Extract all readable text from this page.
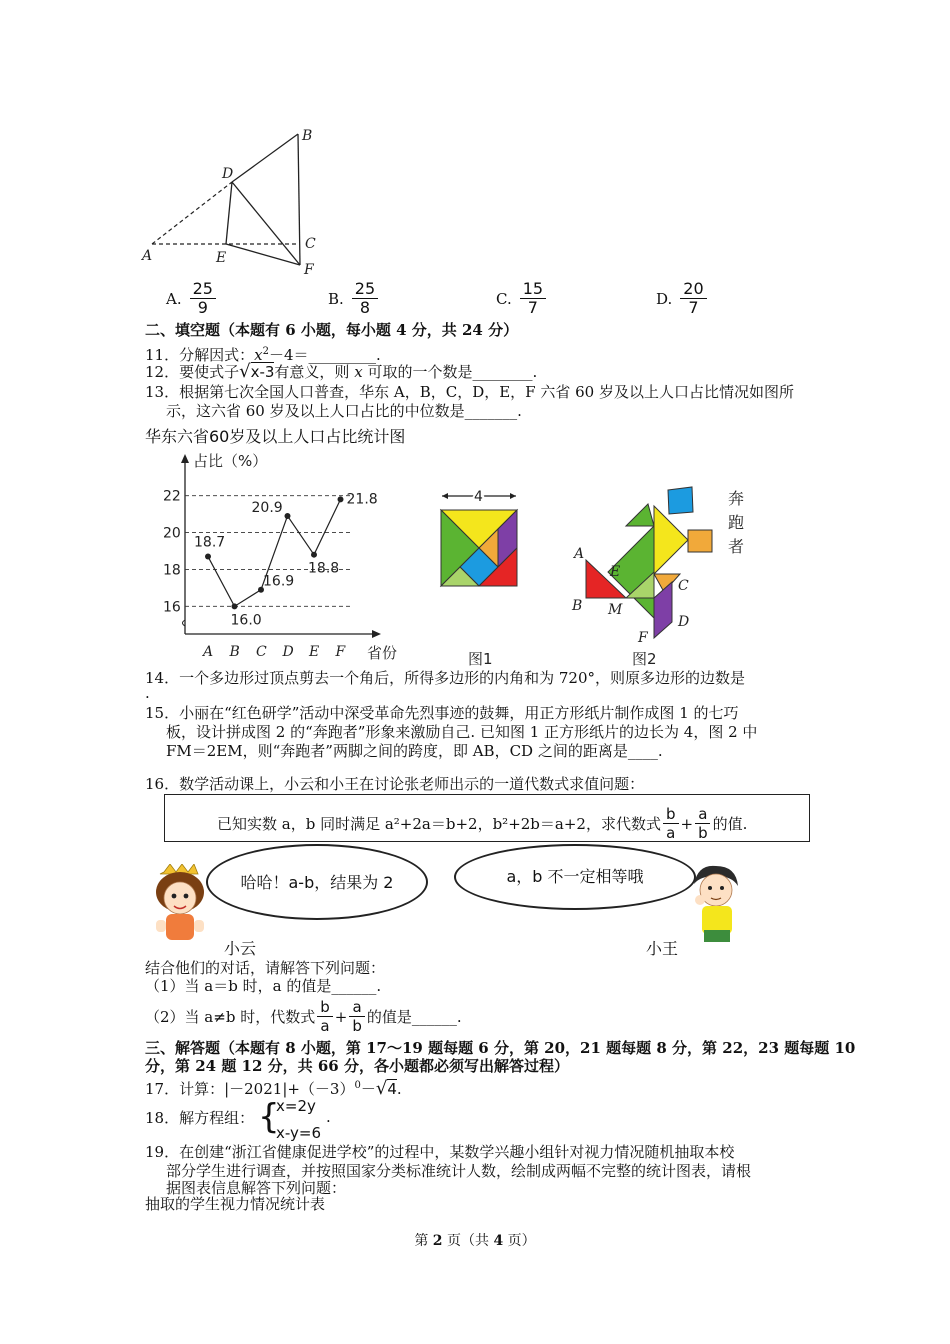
A
B
C
D
E
F
A. $\frac{25}{9}$	B. $\frac{25}{8}$	C. $\frac{15}{7}$	D. $\frac{20}{7}$
二、填空题（本题有 6 小题，每小题 4 分，共 24 分）
11．分解因式：$x^2-4=\_\_\_\_\_\_\_\_\_$.
12．要使式子√x-3有意义，则 x 可取的一个数是________.
13．根据第七次全国人口普查，华东 A，B，C，D，E，F 六省 60 岁及以上人口占比情况如图所
示，这六省 60 岁及以上人口占比的中位数是_______.
华东六省60岁及以上人口占比统计图
16
18
20
22
占比（%）
18.7
16.0
16.9
20.9
18.8
21.8
A B C D E F 省份
4
图1
A
B
C
D
E
F
M
奔
跑
者
图2
14．一个多边形过顶点剪去一个角后，所得多边形的内角和为 720°，则原多边形的边数是
.
15．小丽在“红色研学”活动中深受革命先烈事迹的鼓舞，用正方形纸片制作成图 1 的七巧
板，设计拼成图 2 的“奔跑者”形象来激励自己. 已知图 1 正方形纸片的边长为 4，图 2 中
FM＝2EM，则“奔跑者”两脚之间的跨度，即 AB，CD 之间的距离是____.
16．数学活动课上，小云和小王在讨论张老师出示的一道代数式求值问题：
已知实数 a，b 同时满足 a²+2a＝b+2，b²+2b＝a+2，求代数式 $\frac{b}{a} + \frac{a}{b}$ 的值.
哈哈！a-b，结果为 2	a，b 不一定相等哦
小云	小王
结合他们的对话，请解答下列问题：
（1）当 a＝b 时，a 的值是______.
（2）当 a≠b 时，代数式 $\frac{b}{a} + \frac{a}{b}$ 的值是______.
三、解答题（本题有 8 小题，第 17～19 题每题 6 分，第 20，21 题每题 8 分，第 22，23 题每题 10
分，第 24 题 12 分，共 66 分，各小题都必须写出解答过程）
17．计算：$|-2021|+(-3)^0-√4$.
18．解方程组： {
x=2y
x-y=6
.
19．在创建“浙江省健康促进学校”的过程中，某数学兴趣小组针对视力情况随机抽取本校
部分学生进行调查，并按照国家分类标准统计人数，绘制成两幅不完整的统计图表，请根
据图表信息解答下列问题：
抽取的学生视力情况统计表
第 2 页（共 4 页）
